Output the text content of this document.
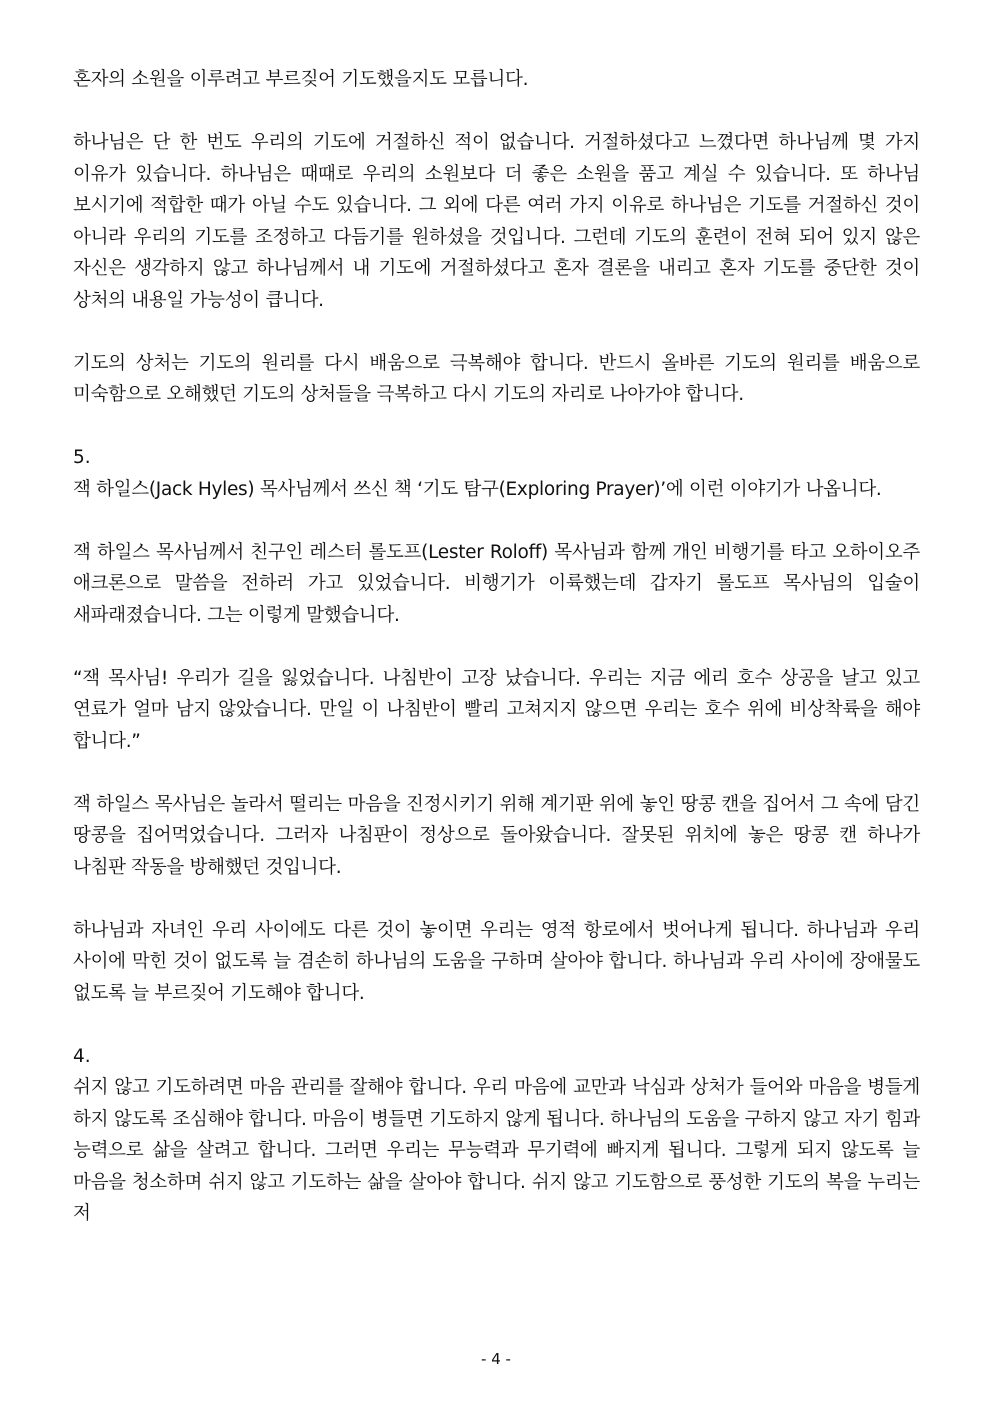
혼자의 소원을 이루려고 부르짖어 기도했을지도 모릅니다.

하나님은 단 한 번도 우리의 기도에 거절하신 적이 없습니다. 거절하셨다고 느꼈다면 하나님께 몇 가지 이유가 있습니다. 하나님은 때때로 우리의 소원보다 더 좋은 소원을 품고 계실 수 있습니다. 또 하나님 보시기에 적합한 때가 아닐 수도 있습니다. 그 외에 다른 여러 가지 이유로 하나님은 기도를 거절하신 것이 아니라 우리의 기도를 조정하고 다듬기를 원하셨을 것입니다. 그런데 기도의 훈련이 전혀 되어 있지 않은 자신은 생각하지 않고 하나님께서 내 기도에 거절하셨다고 혼자 결론을 내리고 혼자 기도를 중단한 것이 상처의 내용일 가능성이 큽니다.

기도의 상처는 기도의 원리를 다시 배움으로 극복해야 합니다. 반드시 올바른 기도의 원리를 배움으로 미숙함으로 오해했던 기도의 상처들을 극복하고 다시 기도의 자리로 나아가야 합니다.

5.

잭 하일스(Jack Hyles) 목사님께서 쓰신 책 ‘기도 탐구(Exploring Prayer)’에 이런 이야기가 나옵니다.

잭 하일스 목사님께서 친구인 레스터 롤도프(Lester Roloff) 목사님과 함께 개인 비행기를 타고 오하이오주 애크론으로 말씀을 전하러 가고 있었습니다. 비행기가 이륙했는데 갑자기 롤도프 목사님의 입술이 새파래졌습니다. 그는 이렇게 말했습니다.

“잭 목사님! 우리가 길을 잃었습니다. 나침반이 고장 났습니다. 우리는 지금 에리 호수 상공을 날고 있고 연료가 얼마 남지 않았습니다. 만일 이 나침반이 빨리 고쳐지지 않으면 우리는 호수 위에 비상착륙을 해야 합니다.”

잭 하일스 목사님은 놀라서 떨리는 마음을 진정시키기 위해 계기판 위에 놓인 땅콩 캔을 집어서 그 속에 담긴 땅콩을 집어먹었습니다. 그러자 나침판이 정상으로 돌아왔습니다. 잘못된 위치에 놓은 땅콩 캔 하나가 나침판 작동을 방해했던 것입니다.

하나님과 자녀인 우리 사이에도 다른 것이 놓이면 우리는 영적 항로에서 벗어나게 됩니다. 하나님과 우리 사이에 막힌 것이 없도록 늘 겸손히 하나님의 도움을 구하며 살아야 합니다. 하나님과 우리 사이에 장애물도 없도록 늘 부르짖어 기도해야 합니다.

4.

쉬지 않고 기도하려면 마음 관리를 잘해야 합니다. 우리 마음에 교만과 낙심과 상처가 들어와 마음을 병들게 하지 않도록 조심해야 합니다. 마음이 병들면 기도하지 않게 됩니다. 하나님의 도움을 구하지 않고 자기 힘과 능력으로 삶을 살려고 합니다. 그러면 우리는 무능력과 무기력에 빠지게 됩니다. 그렇게 되지 않도록 늘 마음을 청소하며 쉬지 않고 기도하는 삶을 살아야 합니다. 쉬지 않고 기도함으로 풍성한 기도의 복을 누리는 저

- 4 -
